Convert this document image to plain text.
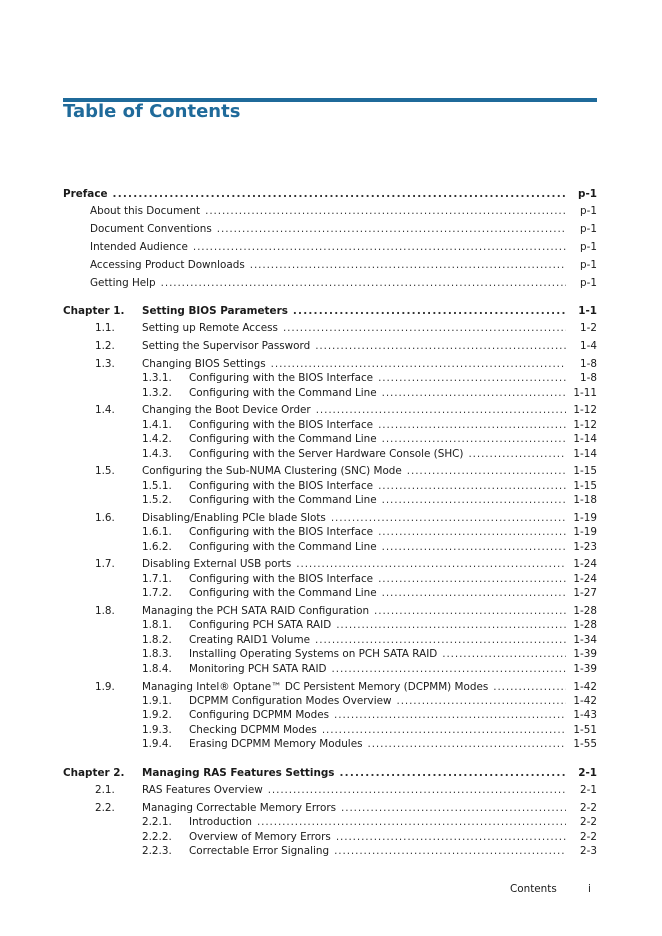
Table of Contents
Preface . . .	p-1
About this Document . . .	p-1
Document Conventions . . .	p-1
Intended Audience . . .	p-1
Accessing Product Downloads . . .	p-1
Getting Help . . .	p-1
Chapter 1.	Setting BIOS Parameters . . .	1-1
1.1.	Setting up Remote Access . . .	1-2
1.2.	Setting the Supervisor Password . . .	1-4
1.3.	Changing BIOS Settings . . .	1-8
1.3.1.	Configuring with the BIOS Interface . . .	1-8
1.3.2.	Configuring with the Command Line . . .	1-11
1.4.	Changing the Boot Device Order . . .	1-12
1.4.1.	Configuring with the BIOS Interface . . .	1-12
1.4.2.	Configuring with the Command Line . . .	1-14
1.4.3.	Configuring with the Server Hardware Console (SHC) . . .	1-14
1.5.	Configuring the Sub-NUMA Clustering (SNC) Mode . . .	1-15
1.5.1.	Configuring with the BIOS Interface . . .	1-15
1.5.2.	Configuring with the Command Line . . .	1-18
1.6.	Disabling/Enabling PCIe blade Slots . . .	1-19
1.6.1.	Configuring with the BIOS Interface . . .	1-19
1.6.2.	Configuring with the Command Line . . .	1-23
1.7.	Disabling External USB ports . . .	1-24
1.7.1.	Configuring with the BIOS Interface . . .	1-24
1.7.2.	Configuring with the Command Line . . .	1-27
1.8.	Managing the PCH SATA RAID Configuration . . .	1-28
1.8.1.	Configuring PCH SATA RAID . . .	1-28
1.8.2.	Creating RAID1 Volume . . .	1-34
1.8.3.	Installing Operating Systems on PCH SATA RAID . . .	1-39
1.8.4.	Monitoring PCH SATA RAID . . .	1-39
1.9.	Managing Intel® Optane™ DC Persistent Memory (DCPMM) Modes . . .	1-42
1.9.1.	DCPMM Configuration Modes Overview . . .	1-42
1.9.2.	Configuring DCPMM Modes . . .	1-43
1.9.3.	Checking DCPMM Modes . . .	1-51
1.9.4.	Erasing DCPMM Memory Modules . . .	1-55
Chapter 2.	Managing RAS Features Settings . . .	2-1
2.1.	RAS Features Overview . . .	2-1
2.2.	Managing Correctable Memory Errors . . .	2-2
2.2.1.	Introduction . . .	2-2
2.2.2.	Overview of Memory Errors . . .	2-2
2.2.3.	Correctable Error Signaling . . .	2-3
Contents	i
